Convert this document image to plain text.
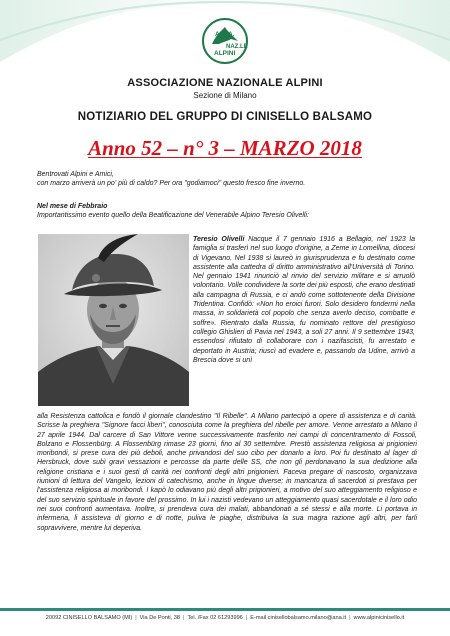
A.N.A.
NAZ.LE
ALPINI
ASSOCIAZIONE NAZIONALE ALPINI
Sezione di Milano
NOTIZIARIO DEL GRUPPO DI CINISELLO BALSAMO
Anno 52 – n° 3 – MARZO 2018
Bentrovati Alpini e Amici,
con marzo arriverà un po' più di caldo? Per ora "godiamoci" questo fresco fine inverno.
Nel mese di Febbraio
Importantissimo evento quello della Beatificazione del Venerabile Alpino Teresio Olivelli:

Teresio Olivelli Nacque il 7 gennaio 1916 a Bellagio, nel 1923 la famiglia si trasferì nel suo luogo d'origine, a Zeme in Lomellina, diocesi di Vigevano. Nel 1938 si laureò in giurisprudenza e fu destinato come assistente alla cattedra di diritto amministrativo all'Università di Torino. Nel gennaio 1941 rinunciò al rinvio del servizio militare e si arruolò volontario. Volle condividere la sorte dei più esposti, che erano destinati alla campagna di Russia, e ci andò come sottotenente della Divisione Tridentina. Confidò: «Non ho eroici furori. Solo desidero fondermi nella massa, in solidarietà col popolo che senza averlo deciso, combatte e soffre». Rientrato dalla Russia, fu nominato rettore del prestigioso collegio Ghislieri di Pavia nel 1943, a soli 27 anni. Il 9 settembre 1943, essendosi rifiutato di collaborare con i nazifascisti, fu arrestato e deportato in Austria; riuscì ad evadere e, passando da Udine, arrivò a Brescia dove si unì

alla Resistenza cattolica e fondò il giornale clandestino "Il Ribelle". A Milano partecipò a opere di assistenza e di carità. Scrisse la preghiera "Signore facci liberi", conosciuta come la preghiera del ribelle per amore. Venne arrestato a Milano il 27 aprile 1944. Dal carcere di San Vittore venne successivamente trasferito nei campi di concentramento di Fossoli, Bolzano e Flossenbürg. A Flossenbürg rimase 23 giorni, fino al 30 settembre. Prestò assistenza religiosa ai prigionieri moribondi, si prese cura dei più deboli, anche privandosi del suo cibo per donarlo a loro. Poi fu destinato al lager di Hersbruck, dove subì gravi vessazioni e percosse da parte delle SS, che non gli perdonavano la sua dedizione alla religione cristiana e i suoi gesti di carità nei confronti degli altri prigionieri. Faceva pregare di nascosto, organizzava riunioni di lettura del Vangelo, lezioni di catechismo, anche in lingue diverse; in mancanza di sacerdoti si prestava per l'assistenza religiosa ai moribondi. I kapò lo odiavano più degli altri prigionieri, a motivo del suo atteggiamento religioso e del suo servizio spirituale in favore del prossimo. In lui i nazisti vedevano un atteggiamento quasi sacerdotale e il loro odio nei suoi confronti aumentava. Inoltre, si prendeva cura dei malati, abbandonati a sé stessi e alla morte. Li portava in infermeria, li assisteva di giorno e di notte, puliva le piaghe, distribuiva la sua magra razione agli altri, per farli sopravvivere, mentre lui deperiva.

20092 CINISELLO BALSAMO (MI) | Via De Ponti, 38 | Tel. /Fax 02 61293996 | E-mail cinisellobalsamo.milano@ana.it | www.alpinicinisello.it
